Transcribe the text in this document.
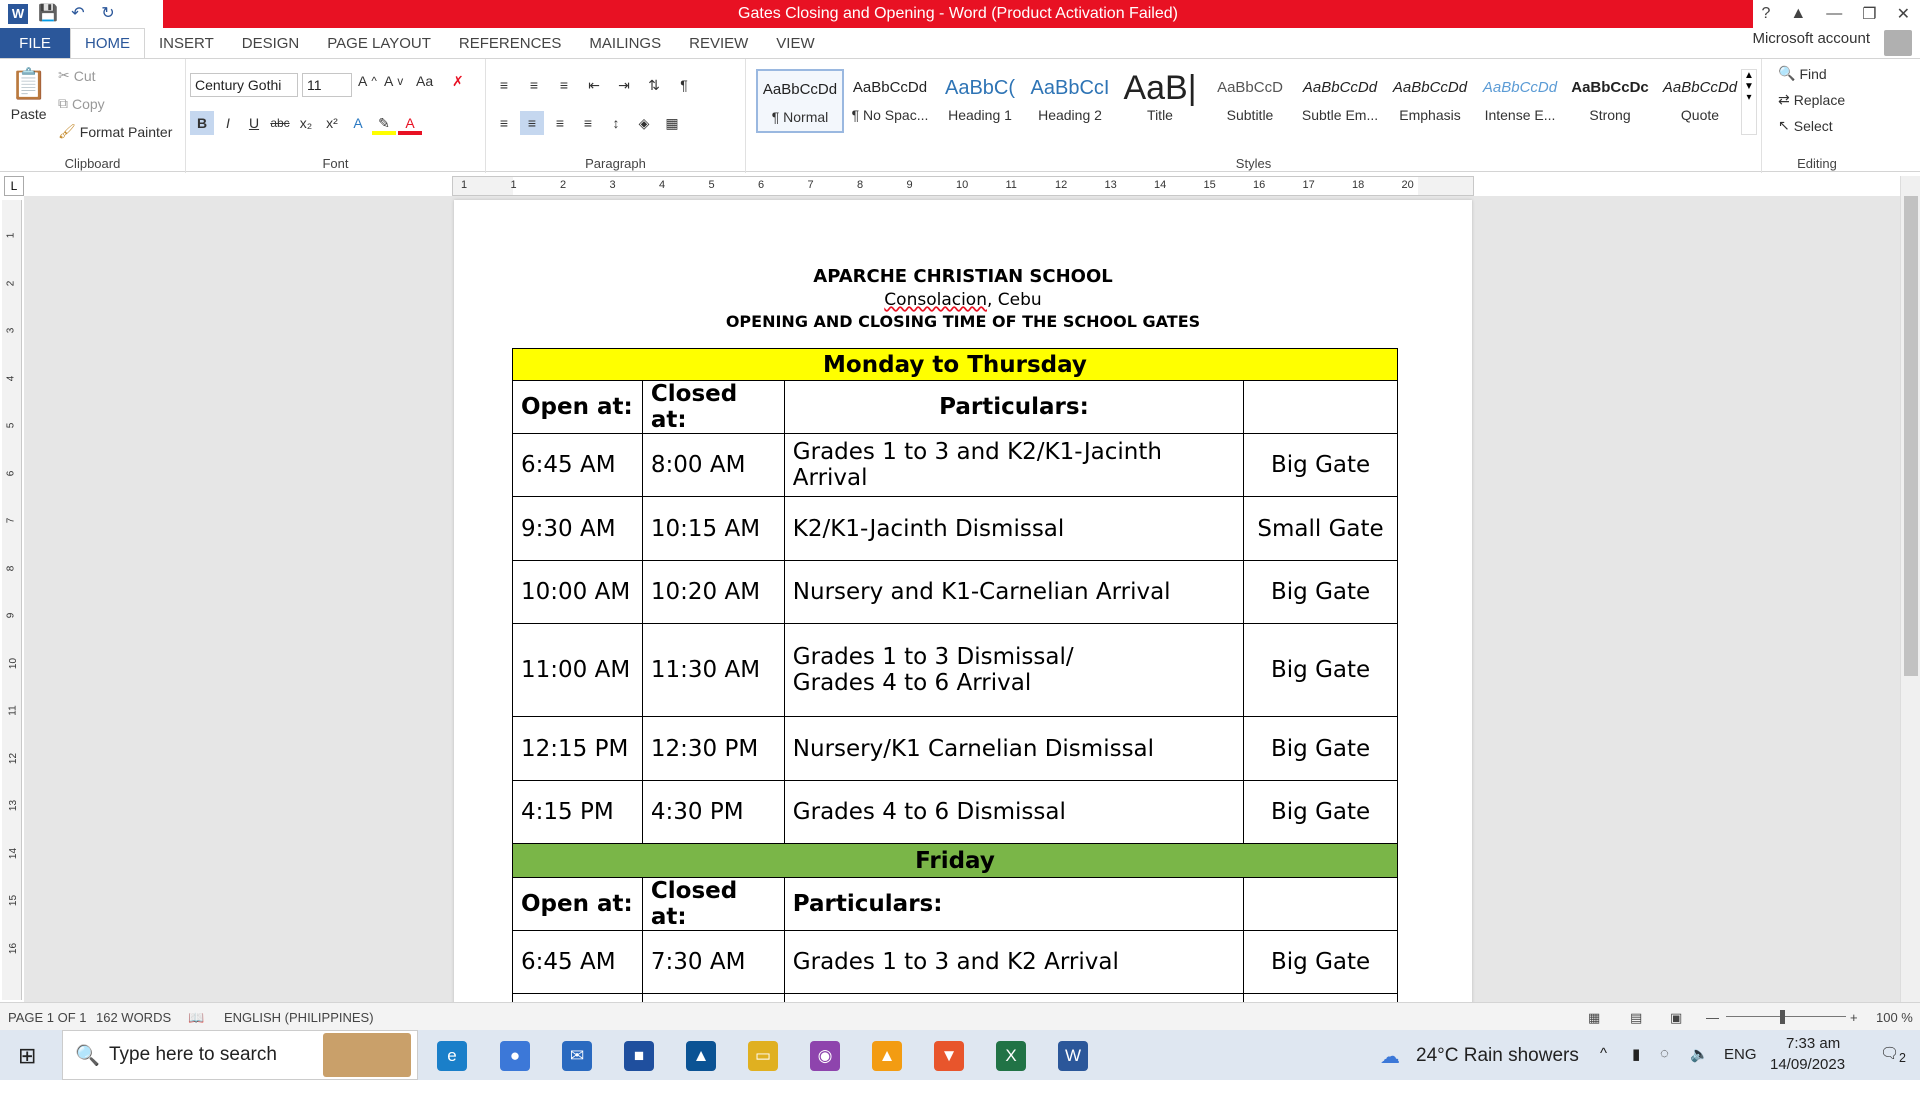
W 💾 ↶ ↻	Gates Closing and Opening - Word (Product Activation Failed)	? ▲ — ❐ ✕
FILE	HOME	INSERT	DESIGN	PAGE LAYOUT	REFERENCES	MAILINGS	REVIEW	VIEW	Microsoft account
📋
Paste
✂ Cut
⧉ Copy
🖌 Format Painter
Clipboard
Century Gothi	11	A ^ A v Aa ✗
B	I	U abc x₂ x²	A	✎	A
Font
≡	≡	≡	⇤	⇥	⇅	¶
≡	≡	≡	≡	↕	◈	▦
Paragraph
AaBbCcDd
¶ Normal
AaBbCcDd
¶ No Spac...
AaBbC(
Heading 1
AaBbCcI
Heading 2
AaB|
Title
AaBbCcD
Subtitle
AaBbCcDd
Subtle Em...
AaBbCcDd
Emphasis
AaBbCcDd
Intense E...
AaBbCcDc
Strong
AaBbCcDd
Quote
▲
▼
▾
Styles
🔍 Find
⇄ Replace
↖ Select
Editing
L	1	1	2	3	4	5	6	7	8	9	10	11	12	13	14	15	16	17	18	20
1
2
3
4
5
6
7
8
9
10
11
12
13
14
15
16
APARCHE CHRISTIAN SCHOOL
Consolacion, Cebu
OPENING AND CLOSING TIME OF THE SCHOOL GATES
Monday to Thursday			
Open at:	Closed at:	Particulars:	
6:45 AM	8:00 AM	Grades 1 to 3 and K2/K1-Jacinth Arrival	Big Gate

9:30 AM	10:15 AM	K2/K1-Jacinth Dismissal	Small Gate

10:00 AM	10:20 AM	Nursery and K1-Carnelian Arrival	Big Gate

11:00 AM	11:30 AM	Grades 1 to 3 Dismissal/
Grades 4 to 6 Arrival	Big Gate

12:15 PM	12:30 PM	Nursery/K1 Carnelian Dismissal	Big Gate

4:15 PM	4:30 PM	Grades 4 to 6 Dismissal	Big Gate

Friday			
Open at:	Closed at:	Particulars:	
6:45 AM	7:30 AM	Grades 1 to 3 and K2 Arrival	Big Gate

PAGE 1 OF 1 162 WORDS 📖 ENGLISH (PHILIPPINES)	▦ ▤ ▣ —	+ 100 %
⊞ 🔍 Type here to search	e	●	✉	■	▲	▭	◉	▲	▼	X	W	☁ 24°C Rain showers ^ ▮ ◌ 🔈 ENG
7:33 am
14/09/2023
$🗨_2$
